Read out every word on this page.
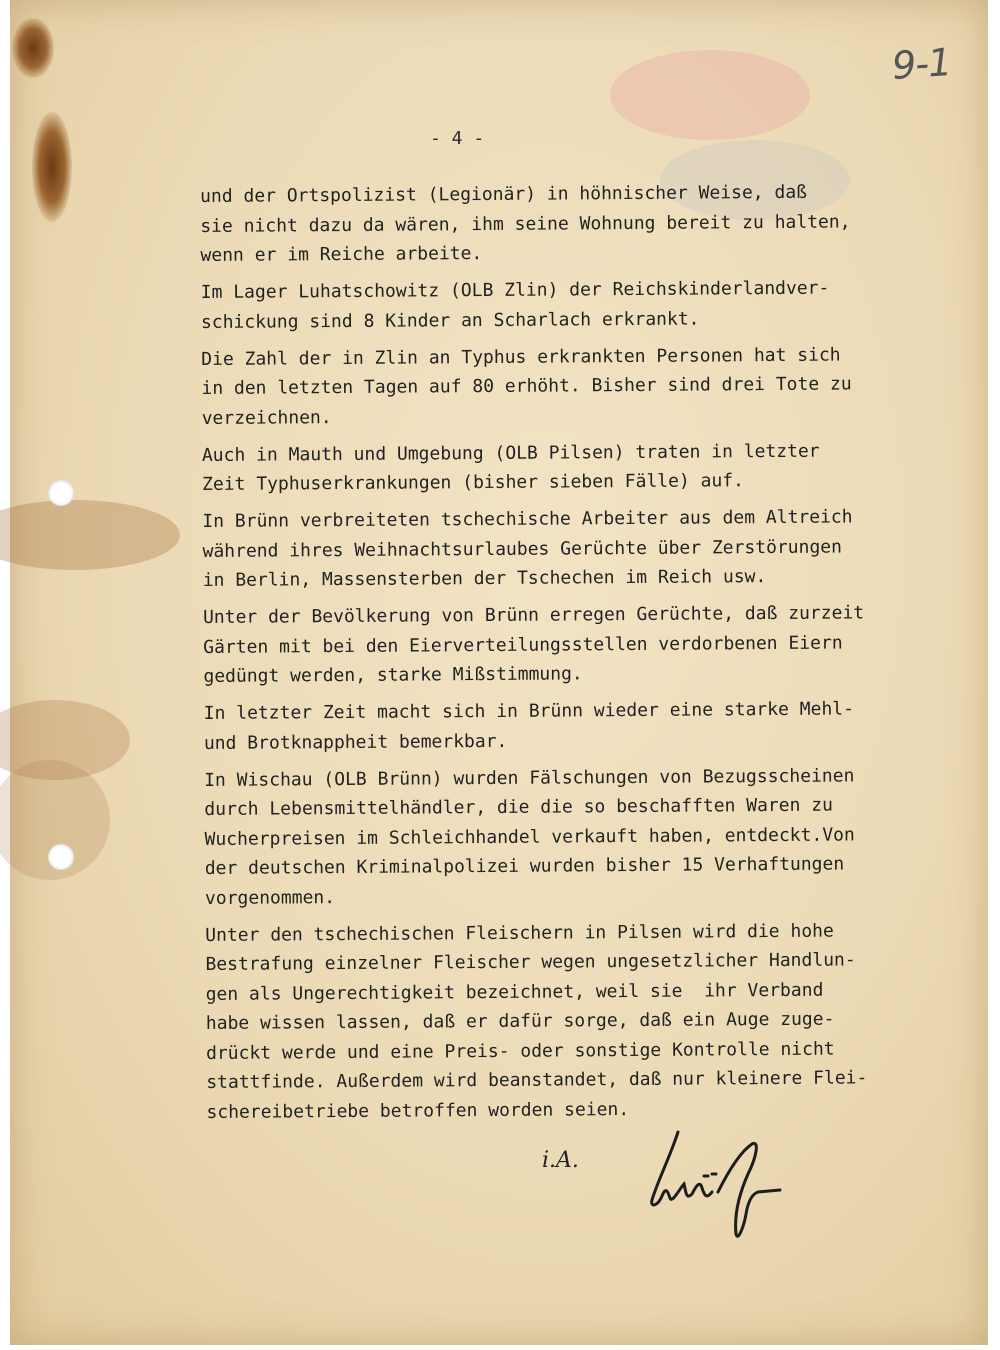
9-1
- 4 -

und der Ortspolizist (Legionär) in höhnischer Weise, daß
sie nicht dazu da wären, ihm seine Wohnung bereit zu halten,
wenn er im Reiche arbeite.

Im Lager Luhatschowitz (OLB Zlin) der Reichskinderlandver-
schickung sind 8 Kinder an Scharlach erkrankt.

Die Zahl der in Zlin an Typhus erkrankten Personen hat sich
in den letzten Tagen auf 80 erhöht. Bisher sind drei Tote zu
verzeichnen.

Auch in Mauth und Umgebung (OLB Pilsen) traten in letzter
Zeit Typhuserkrankungen (bisher sieben Fälle) auf.

In Brünn verbreiteten tschechische Arbeiter aus dem Altreich
während ihres Weihnachtsurlaubes Gerüchte über Zerstörungen
in Berlin, Massensterben der Tschechen im Reich usw.

Unter der Bevölkerung von Brünn erregen Gerüchte, daß zurzeit
Gärten mit bei den Eierverteilungsstellen verdorbenen Eiern
gedüngt werden, starke Mißstimmung.

In letzter Zeit macht sich in Brünn wieder eine starke Mehl-
und Brotknappheit bemerkbar.

In Wischau (OLB Brünn) wurden Fälschungen von Bezugsscheinen
durch Lebensmittelhändler, die die so beschafften Waren zu
Wucherpreisen im Schleichhandel verkauft haben, entdeckt.Von
der deutschen Kriminalpolizei wurden bisher 15 Verhaftungen
vorgenommen.

Unter den tschechischen Fleischern in Pilsen wird die hohe
Bestrafung einzelner Fleischer wegen ungesetzlicher Handlun-
gen als Ungerechtigkeit bezeichnet, weil sie  ihr Verband
habe wissen lassen, daß er dafür sorge, daß ein Auge zuge-
drückt werde und eine Preis- oder sonstige Kontrolle nicht
stattfinde. Außerdem wird beanstandet, daß nur kleinere Flei-
schereibetriebe betroffen worden seien.

i.A.
